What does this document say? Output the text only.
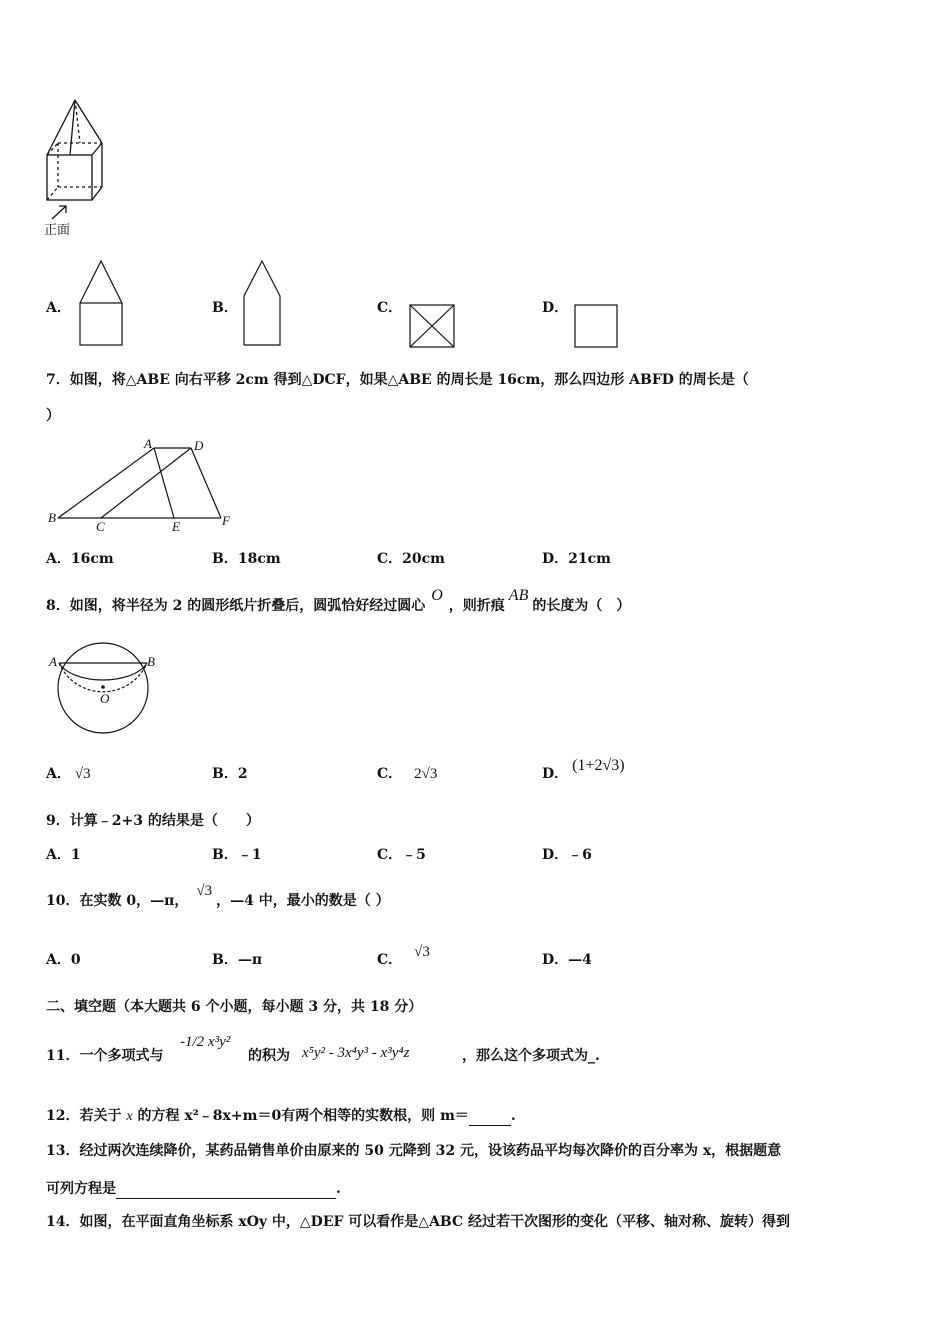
正面
A．	B．	C．	D．
7．如图，将△ABE 向右平移 2cm 得到△DCF，如果△ABE 的周长是 16cm，那么四边形 ABFD 的周长是（
）
A	D
B
C	E	F
A．16cm	B．18cm	C．20cm	D．21cm
8．如图，将半径为 2 的圆形纸片折叠后，圆弧恰好经过圆心O，则折痕AB的长度为（　）
A	B
O
A． √3	B．2	C． 2√3	D． (1+2√3)
9．计算﹣2+3 的结果是（　　）
A．1	B．﹣1	C．﹣5	D．﹣6
10．在实数 0，—π，√3，—4 中，最小的数是（ ）
A．0	B．—π	C． √3	D．—4
二、填空题（本大题共 6 个小题，每小题 3 分，共 18 分）
11．一个多项式与
-1/2 x³y²
的积为 x⁵y² - 3x⁴y³ - x³y⁴z	，那么这个多项式为_.
12．若关于 x 的方程 x²﹣8x+m＝0有两个相等的实数根，则 m＝	.
13．经过两次连续降价，某药品销售单价由原来的 50 元降到 32 元，设该药品平均每次降价的百分率为 x，根据题意
可列方程是	.
14．如图，在平面直角坐标系 xOy 中，△DEF 可以看作是△ABC 经过若干次图形的变化（平移、轴对称、旋转）得到
